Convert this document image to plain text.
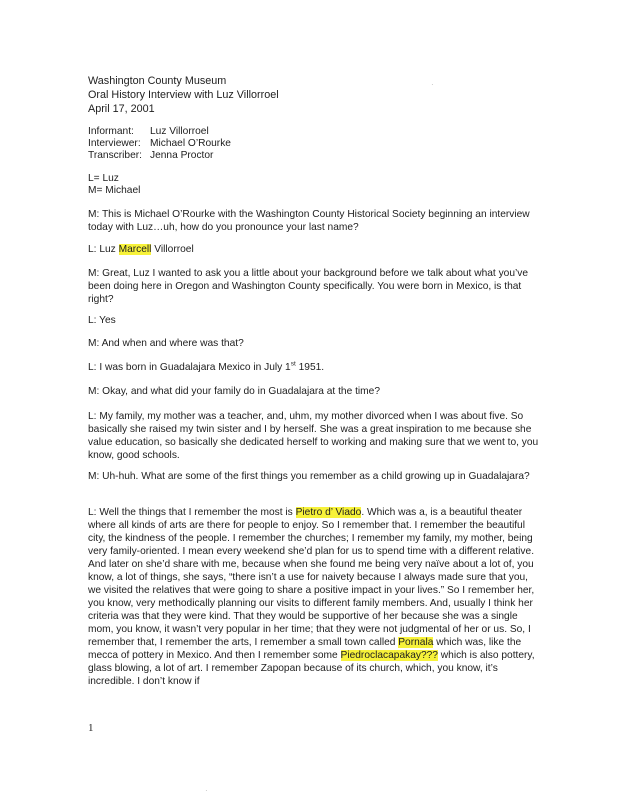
·
·
Washington County Museum
Oral History Interview with Luz Villorroel
April 17, 2001
Informant: Luz Villorroel
Interviewer: Michael O’Rourke
Transcriber: Jenna Proctor
L= Luz
M= Michael

M: This is Michael O’Rourke with the Washington County Historical Society beginning an interview today with Luz…uh, how do you pronounce your last name?

L: Luz Marcell Villorroel

M: Great, Luz I wanted to ask you a little about your background before we talk about what you’ve been doing here in Oregon and Washington County specifically. You were born in Mexico, is that right?

L: Yes

M: And when and where was that?

L: I was born in Guadalajara Mexico in July 1st 1951.

M: Okay, and what did your family do in Guadalajara at the time?

L: My family, my mother was a teacher, and, uhm, my mother divorced when I was about five. So basically she raised my twin sister and I by herself. She was a great inspiration to me because she value education, so basically she dedicated herself to working and making sure that we went to, you know, good schools.

M: Uh-huh. What are some of the first things you remember as a child growing up in Guadalajara?

L: Well the things that I remember the most is Pietro d’ Viado. Which was a, is a beautiful theater where all kinds of arts are there for people to enjoy. So I remember that. I remember the beautiful city, the kindness of the people. I remember the churches; I remember my family, my mother, being very family-oriented. I mean every weekend she’d plan for us to spend time with a different relative. And later on she’d share with me, because when she found me being very naïve about a lot of, you know, a lot of things, she says, “there isn’t a use for naivety because I always made sure that you, we visited the relatives that were going to share a positive impact in your lives.” So I remember her, you know, very methodically planning our visits to different family members. And, usually I think her criteria was that they were kind. That they would be supportive of her because she was a single mom, you know, it wasn’t very popular in her time; that they were not judgmental of her or us. So, I remember that, I remember the arts, I remember a small town called Pornala which was, like the mecca of pottery in Mexico. And then I remember some Piedroclacapakay??? which is also pottery, glass blowing, a lot of art. I remember Zapopan because of its church, which, you know, it’s incredible. I don’t know if

1
